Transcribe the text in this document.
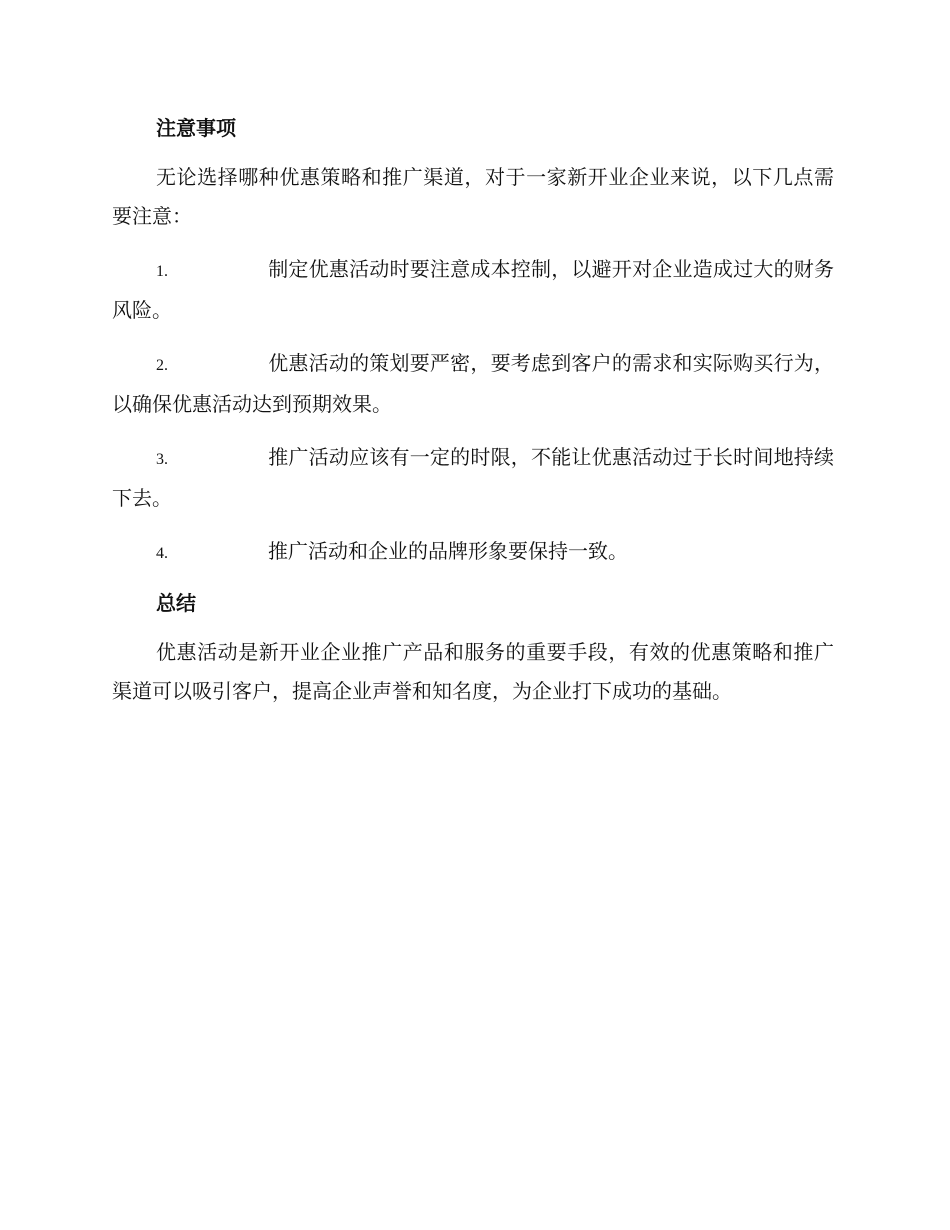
注意事项

无论选择哪种优惠策略和推广渠道，对于一家新开业企业来说，以下几点需要注意：

1.	制定优惠活动时要注意成本控制，以避开对企业造成过大的财务风险。

2.	优惠活动的策划要严密，要考虑到客户的需求和实际购买行为，以确保优惠活动达到预期效果。

3.	推广活动应该有一定的时限，不能让优惠活动过于长时间地持续下去。

4.	推广活动和企业的品牌形象要保持一致。

总结

优惠活动是新开业企业推广产品和服务的重要手段，有效的优惠策略和推广渠道可以吸引客户，提高企业声誉和知名度，为企业打下成功的基础。
